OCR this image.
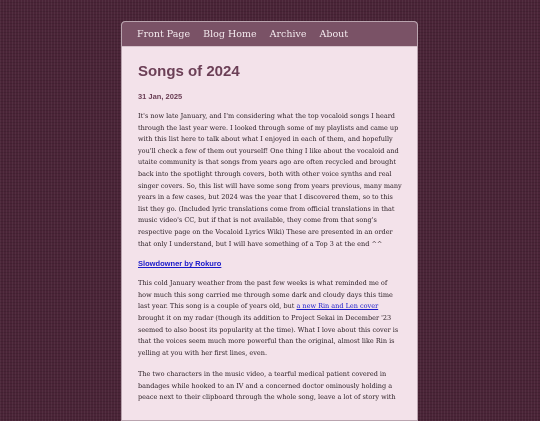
Front Page Blog Home Archive About
Songs of 2024
31 Jan, 2025

It's now late January, and I'm considering what the top vocaloid songs I heard through the last year were. I looked through some of my playlists and came up with this list here to talk about what I enjoyed in each of them, and hopefully you'll check a few of them out yourself! One thing I like about the vocaloid and utaite community is that songs from years ago are often recycled and brought back into the spotlight through covers, both with other voice synths and real singer covers. So, this list will have some song from years previous, many many years in a few cases, but 2024 was the year that I discovered them, so to this list they go. (Included lyric translations come from official translations in that music video's CC, but if that is not available, they come from that song's respective page on the Vocaloid Lyrics Wiki) These are presented in an order that only I understand, but I will have something of a Top 3 at the end ^^

Slowdowner by Rokuro

This cold January weather from the past few weeks is what reminded me of how much this song carried me through some dark and cloudy days this time last year. This song is a couple of years old, but a new Rin and Len cover brought it on my radar (though its addition to Project Sekai in December '23 seemed to also boost its popularity at the time). What I love about this cover is that the voices seem much more powerful than the original, almost like Rin is yelling at you with her first lines, even.

The two characters in the music video, a tearful medical patient covered in bandages while hooked to an IV and a concerned doctor ominously holding a peace next to their clipboard through the whole song, leave a lot of story with
